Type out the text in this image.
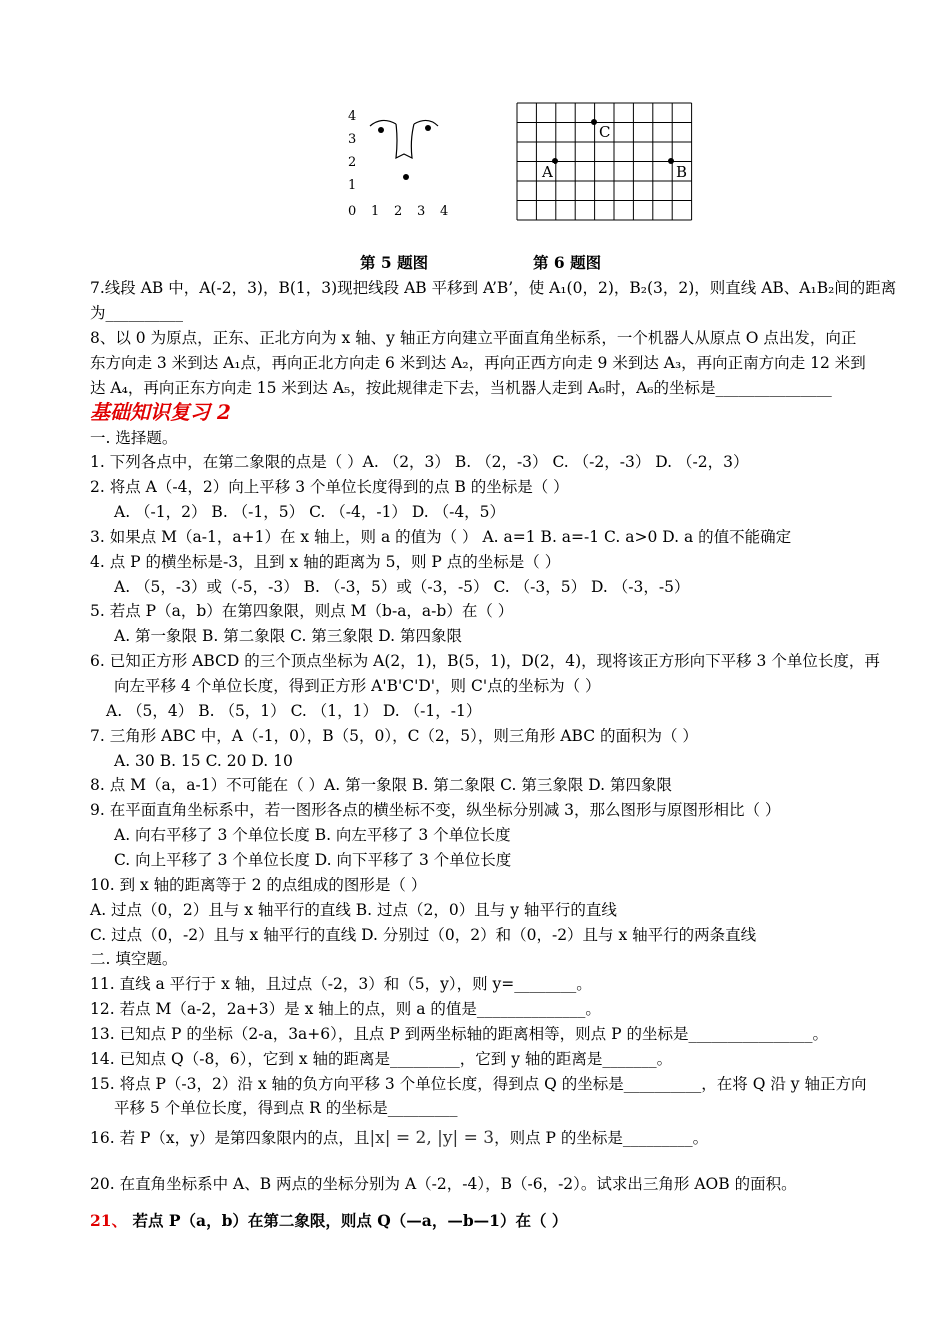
4
3
2
1
0 1 2 3 4
C
A	B
第 5 题图	第 6 题图
7.线段 AB 中，A(-2，3)，B(1，3)现把线段 AB 平移到 A’B’，使 A₁(0，2)，B₂(3，2)，则直线 AB、A₁B₂间的距离
为__________
8、以 0 为原点，正东、正北方向为 x 轴、y 轴正方向建立平面直角坐标系，一个机器人从原点 O 点出发，向正
东方向走 3 米到达 A₁点，再向正北方向走 6 米到达 A₂，再向正西方向走 9 米到达 A₃，再向正南方向走 12 米到
达 A₄，再向正东方向走 15 米到达 A₅，按此规律走下去，当机器人走到 A₆时，A₆的坐标是_______________
基础知识复习 2
一. 选择题。
1. 下列各点中，在第二象限的点是（ ）A. （2，3） B. （2，-3） C. （-2，-3） D. （-2，3）
2. 将点 A（-4，2）向上平移 3 个单位长度得到的点 B 的坐标是（ ）
A. （-1，2） B. （-1，5） C. （-4，-1） D. （-4，5）
3. 如果点 M（a-1，a+1）在 x 轴上，则 a 的值为（ ） A. a=1 B. a=-1 C. a>0 D. a 的值不能确定
4. 点 P 的横坐标是-3，且到 x 轴的距离为 5，则 P 点的坐标是（ ）
A. （5，-3）或（-5，-3） B. （-3，5）或（-3，-5） C. （-3，5） D. （-3，-5）
5. 若点 P（a，b）在第四象限，则点 M（b-a，a-b）在（ ）
A. 第一象限 B. 第二象限 C. 第三象限 D. 第四象限
6. 已知正方形 ABCD 的三个顶点坐标为 A(2，1)，B(5，1)，D(2，4)，现将该正方形向下平移 3 个单位长度，再
向左平移 4 个单位长度，得到正方形 A'B'C'D'，则 C'点的坐标为（ ）
A. （5，4） B. （5，1） C. （1，1） D. （-1，-1）
7. 三角形 ABC 中，A（-1，0），B（5，0），C（2，5），则三角形 ABC 的面积为（ ）
A. 30 B. 15 C. 20 D. 10
8. 点 M（a，a-1）不可能在（ ）A. 第一象限 B. 第二象限 C. 第三象限 D. 第四象限
9. 在平面直角坐标系中，若一图形各点的横坐标不变，纵坐标分别减 3，那么图形与原图形相比（ ）
A. 向右平移了 3 个单位长度 B. 向左平移了 3 个单位长度
C. 向上平移了 3 个单位长度 D. 向下平移了 3 个单位长度
10. 到 x 轴的距离等于 2 的点组成的图形是（ ）
A. 过点（0，2）且与 x 轴平行的直线 B. 过点（2，0）且与 y 轴平行的直线
C. 过点（0，-2）且与 x 轴平行的直线 D. 分别过（0，2）和（0，-2）且与 x 轴平行的两条直线
二. 填空题。
11. 直线 a 平行于 x 轴，且过点（-2，3）和（5，y），则 y=________。
12. 若点 M（a-2，2a+3）是 x 轴上的点，则 a 的值是______________。
13. 已知点 P 的坐标（2-a，3a+6），且点 P 到两坐标轴的距离相等，则点 P 的坐标是________________。
14. 已知点 Q（-8，6），它到 x 轴的距离是_________，它到 y 轴的距离是_______。
15. 将点 P（-3，2）沿 x 轴的负方向平移 3 个单位长度，得到点 Q 的坐标是__________，在将 Q 沿 y 轴正方向
平移 5 个单位长度，得到点 R 的坐标是_________
16. 若 P（x，y）是第四象限内的点，且|x| = 2, |y| = 3，则点 P 的坐标是_________。
20. 在直角坐标系中 A、B 两点的坐标分别为 A（-2，-4），B（-6，-2）。试求出三角形 AOB 的面积。
21、 若点 P（a，b）在第二象限，则点 Q（—a，—b—1）在（ ）
